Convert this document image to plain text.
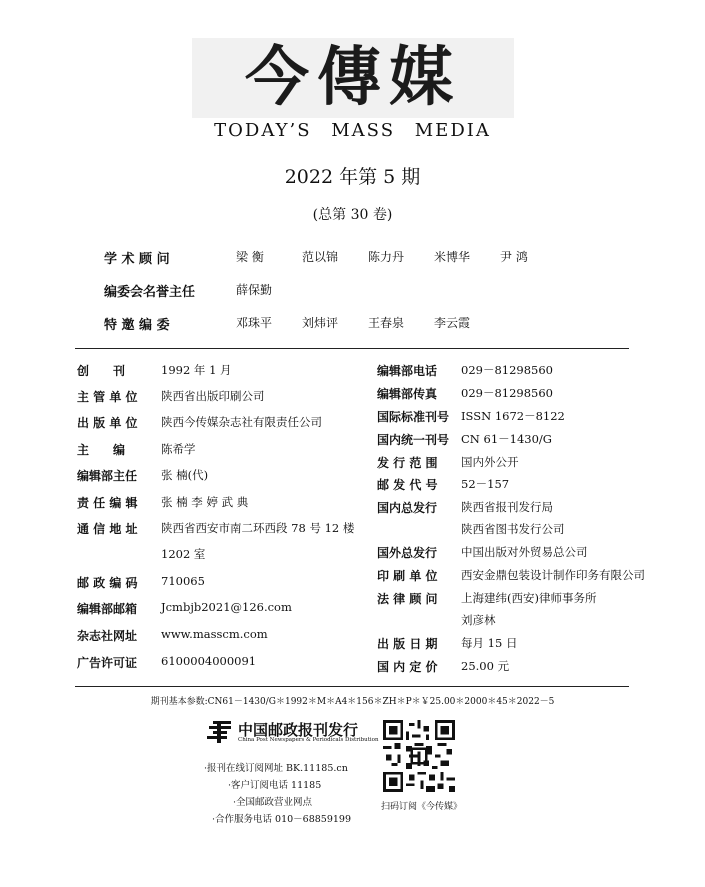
今傳媒
TODAY’S MASS MEDIA
2022 年第 5 期
(总第 30 卷)
学 术 顾 问	梁 衡	范以锦 陈力丹 米博华 尹 鸿
编委会名誉主任	薛保勤
特 邀 编 委	邓珠平 刘炜评 王春泉 李云霞
创　　刊	1992 年 1 月
主 管 单 位 陕西省出版印刷公司
出 版 单 位 陕西今传媒杂志社有限责任公司
主　　编	陈希学
编辑部主任 张 楠(代)
责 任 编 辑 张 楠 李 婷 武 典
通 信 地 址 陕西省西安市南二环西段 78 号 12 楼
1202 室
邮 政 编 码 710065
编辑部邮箱 Jcmbjb2021@126.com
杂志社网址 www.masscm.com
广告许可证 6100004000091
编辑部电话 029－81298560
编辑部传真 029－81298560
国际标准刊号 ISSN 1672－8122
国内统一刊号 CN 61－1430/G
发 行 范 围 国内外公开
邮 发 代 号 52－157
国内总发行 陕西省报刊发行局
陕西省图书发行公司
国外总发行 中国出版对外贸易总公司
印 刷 单 位 西安金鼎包装设计制作印务有限公司
法 律 顾 问 上海建纬(西安)律师事务所
刘彦林
出 版 日 期 每月 15 日
国 内 定 价 25.00 元
期刊基本参数:CN61－1430/G＊1992＊M＊A4＊156＊ZH＊P＊￥25.00＊2000＊45＊2022－5
中国邮政报刊发行
China Post Newspapers & Periodicals Distribution
·报刊在线订阅网址 BK.11185.cn
·客户订阅电话 11185
·全国邮政营业网点
·合作服务电话 010－68859199
扫码订阅《今传媒》
